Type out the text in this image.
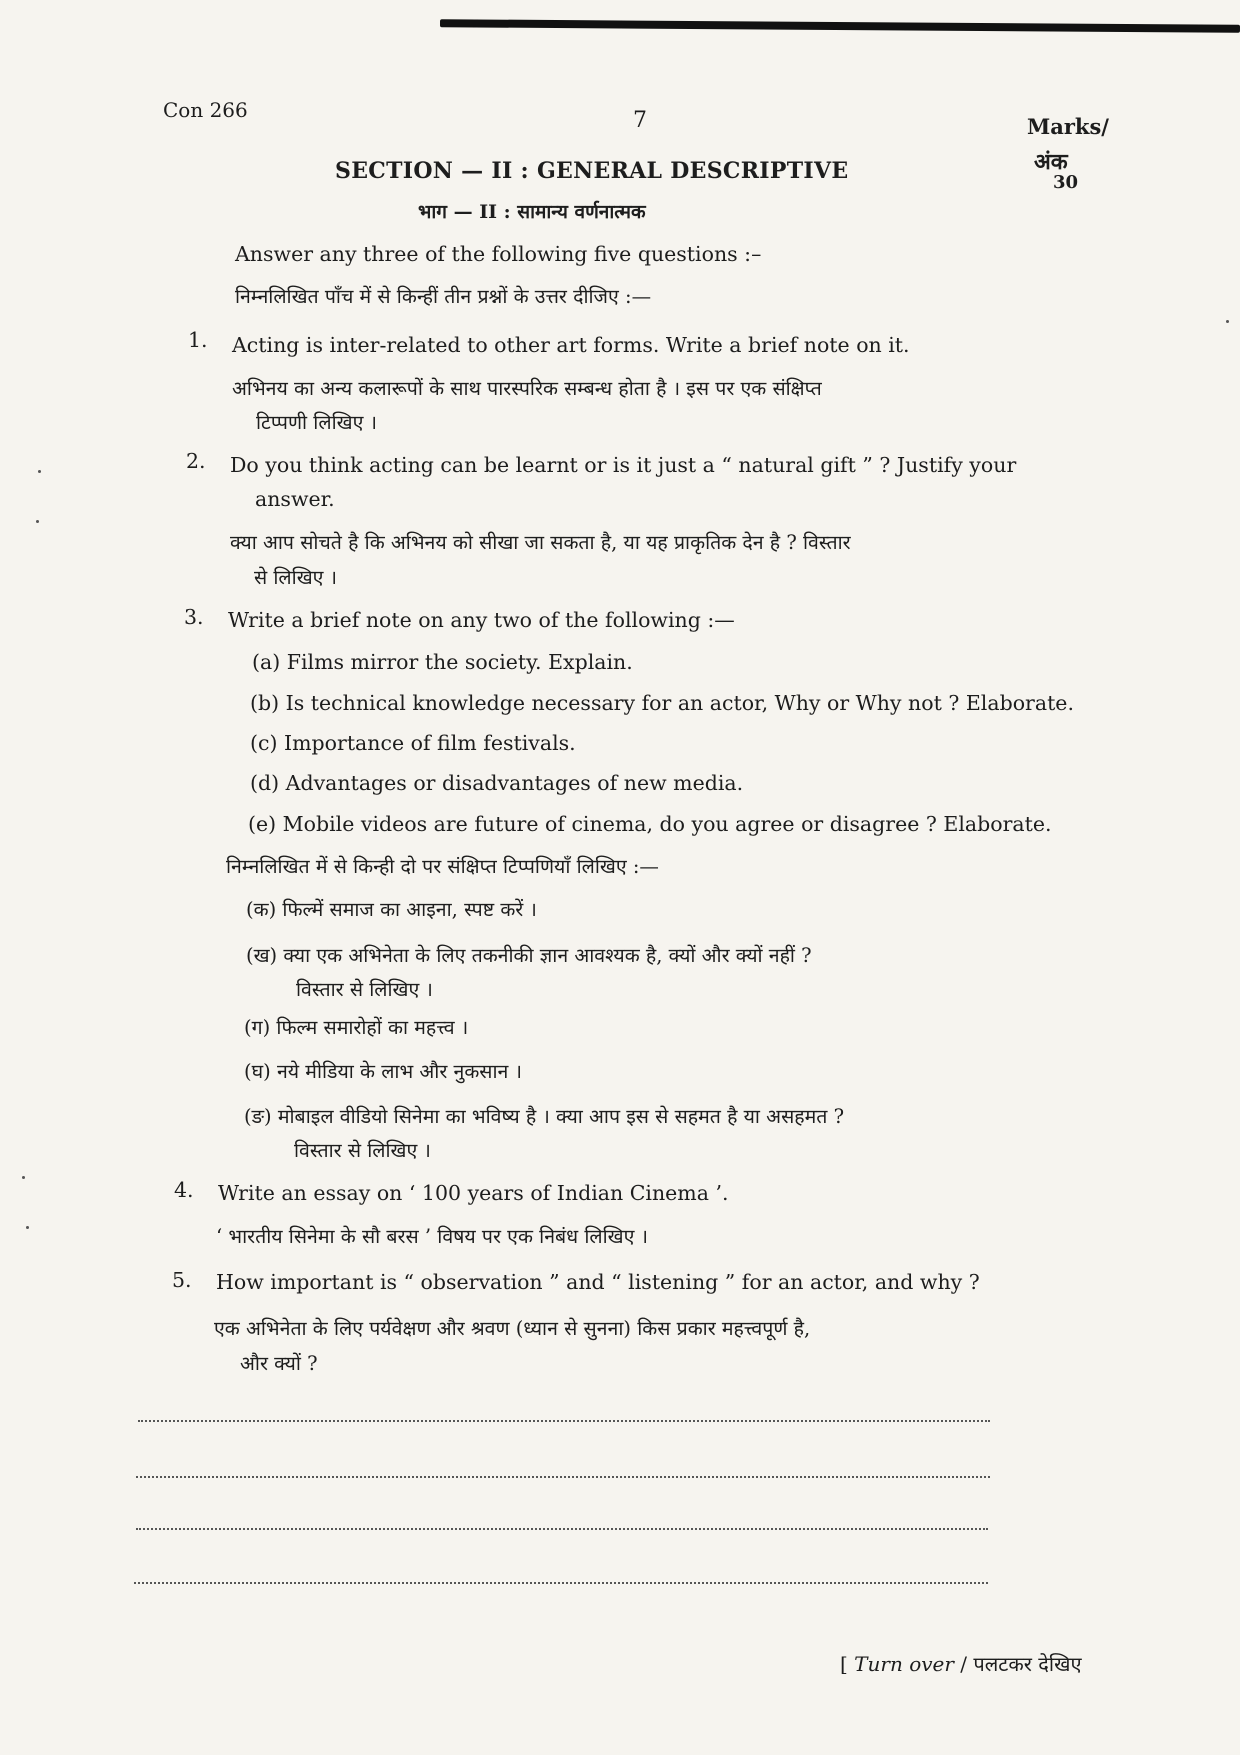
Con 266	7	Marks/
अंक
30
SECTION — II : GENERAL DESCRIPTIVE
भाग — II : सामान्य वर्णनात्मक
Answer any three of the following five questions :–
निम्नलिखित पाँच में से किन्हीं तीन प्रश्नों के उत्तर दीजिए :—
1. Acting is inter-related to other art forms. Write a brief note on it.
अभिनय का अन्य कलारूपों के साथ पारस्परिक सम्बन्ध होता है । इस पर एक संक्षिप्त
टिप्पणी लिखिए ।
2. Do you think acting can be learnt or is it just a “ natural gift ” ? Justify your
answer.
क्या आप सोचते है कि अभिनय को सीखा जा सकता है, या यह प्राकृतिक देन है ? विस्तार
से लिखिए ।
3. Write a brief note on any two of the following :—
(a) Films mirror the society. Explain.
(b) Is technical knowledge necessary for an actor, Why or Why not ? Elaborate.
(c) Importance of film festivals.
(d) Advantages or disadvantages of new media.
(e) Mobile videos are future of cinema, do you agree or disagree ? Elaborate.
निम्नलिखित में से किन्ही दो पर संक्षिप्त टिप्पणियाँ लिखिए :—
(क) फिल्में समाज का आइना, स्पष्ट करें ।
(ख) क्या एक अभिनेता के लिए तकनीकी ज्ञान आवश्यक है, क्यों और क्यों नहीं ?
विस्तार से लिखिए ।
(ग) फिल्म समारोहों का महत्त्व ।
(घ) नये मीडिया के लाभ और नुकसान ।
(ङ) मोबाइल वीडियो सिनेमा का भविष्य है । क्या आप इस से सहमत है या असहमत ?
विस्तार से लिखिए ।
4. Write an essay on ‘ 100 years of Indian Cinema ’.
‘ भारतीय सिनेमा के सौ बरस ’ विषय पर एक निबंध लिखिए ।
5. How important is “ observation ” and “ listening ” for an actor, and why ?
एक अभिनेता के लिए पर्यवेक्षण और श्रवण (ध्यान से सुनना) किस प्रकार महत्त्वपूर्ण है,
और क्यों ?
[ Turn over / पलटकर देखिए
